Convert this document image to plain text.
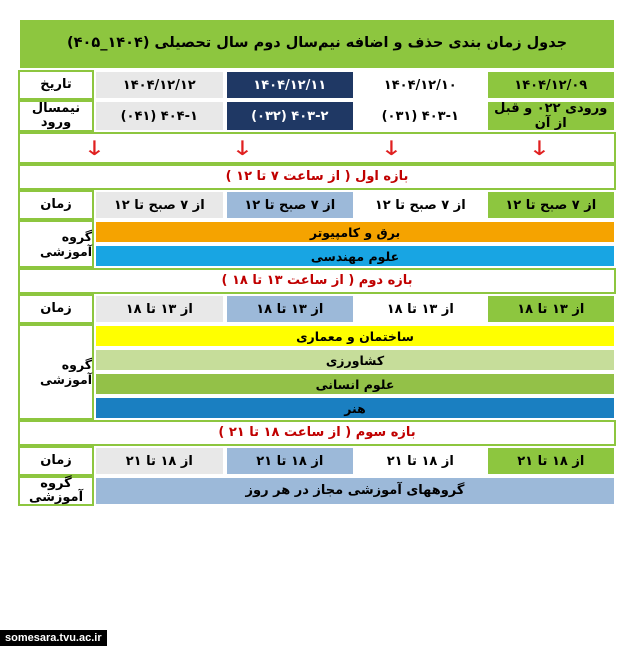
جدول زمان بندی حذف و اضافه نیم‌سال دوم سال تحصیلی (۱۴۰۴_۴۰۵)
۱۴۰۴/۱۲/۰۹
۱۴۰۴/۱۲/۱۰
۱۴۰۴/۱۲/۱۱
۱۴۰۴/۱۲/۱۲
تاریخ
ورودی ۰۲۲ و قبل از آن
۴۰۳-۱ (۰۳۱)
۴۰۳-۲ (۰۳۲)
۴۰۴-۱ (۰۴۱)
نیمسال ورود
↓
↓
↓
↓
بازه اول ( از ساعت ۷ تا ۱۲ )
از ۷ صبح تا ۱۲
از ۷ صبح تا ۱۲
از ۷ صبح تا ۱۲
از ۷ صبح تا ۱۲
زمان
برق و کامپیوتر
علوم مهندسی
گروه آموزشی
بازه دوم ( از ساعت ۱۳ تا ۱۸ )
از ۱۳ تا ۱۸
از ۱۳ تا ۱۸
از ۱۳ تا ۱۸
از ۱۳ تا ۱۸
زمان
ساختمان و معماری
کشاورزی
علوم انسانی
هنر
گروه آموزشی
بازه سوم ( از ساعت ۱۸ تا ۲۱ )
از ۱۸ تا ۲۱
از ۱۸ تا ۲۱
از ۱۸ تا ۲۱
از ۱۸ تا ۲۱
زمان
گروههای آموزشی مجاز در هر روز
گروه آموزشی
somesara.tvu.ac.ir
